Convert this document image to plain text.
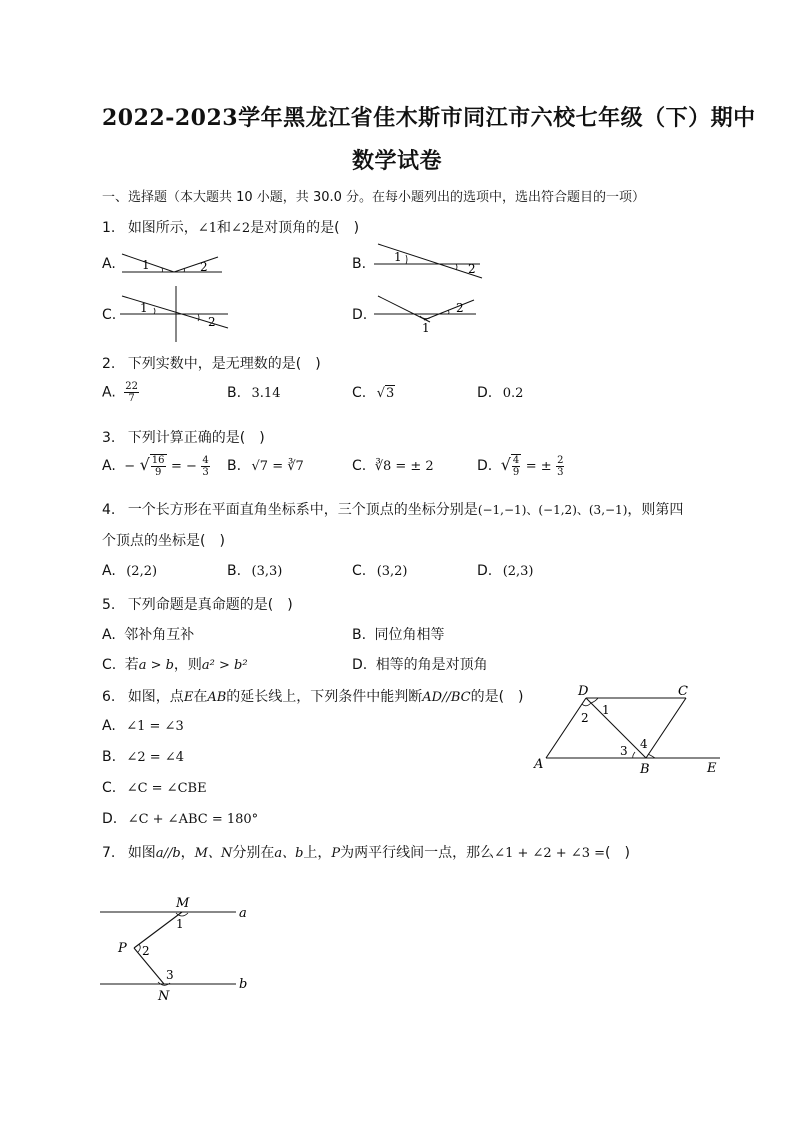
2022-2023学年黑龙江省佳木斯市同江市六校七年级（下）期中
数学试卷
一、选择题（本大题共 10 小题，共 30.0 分。在每小题列出的选项中，选出符合题目的一项）
1. 如图所示，∠1和∠2是对顶角的是(　)
A. 1	2	B. 1
2
C. 1
2	D.
1
2
2. 下列实数中，是无理数的是(　)
A. $\frac{22}{7}$	B. 3.14	C. √3	D. 0.2
3. 下列计算正确的是(　)
A. − √ $\frac{16}{9}$ = − $\frac{4}{3} B$. √7 = ∛7	C. ∛8 = ± 2	D. √ $\frac{4}{9}$ = ± $\frac{2}{3}$
4. 一个长方形在平面直角坐标系中，三个顶点的坐标分别是(−1,−1)、(−1,2)、(3,−1)，则第四
个顶点的坐标是(　)
A. (2,2)	B. (3,3)	C. (3,2)	D. (2,3)
5. 下列命题是真命题的是(　)
A. 邻补角互补	B. 同位角相等
C. 若a > b，则a² > b²	D. 相等的角是对顶角
6. 如图，点E在AB的延长线上，下列条件中能判断AD//BC的是(　)
A. ∠1 = ∠3
B. ∠2 = ∠4
C. ∠C = ∠CBE
D. ∠C + ∠ABC = 180°
D	C
A	B	E
1
2
3 4
7. 如图a//b，M、N分别在a、b上，P为两平行线间一点，那么∠1 + ∠2 + ∠3 =(　)
M
N
P
a
b
1
2
3
